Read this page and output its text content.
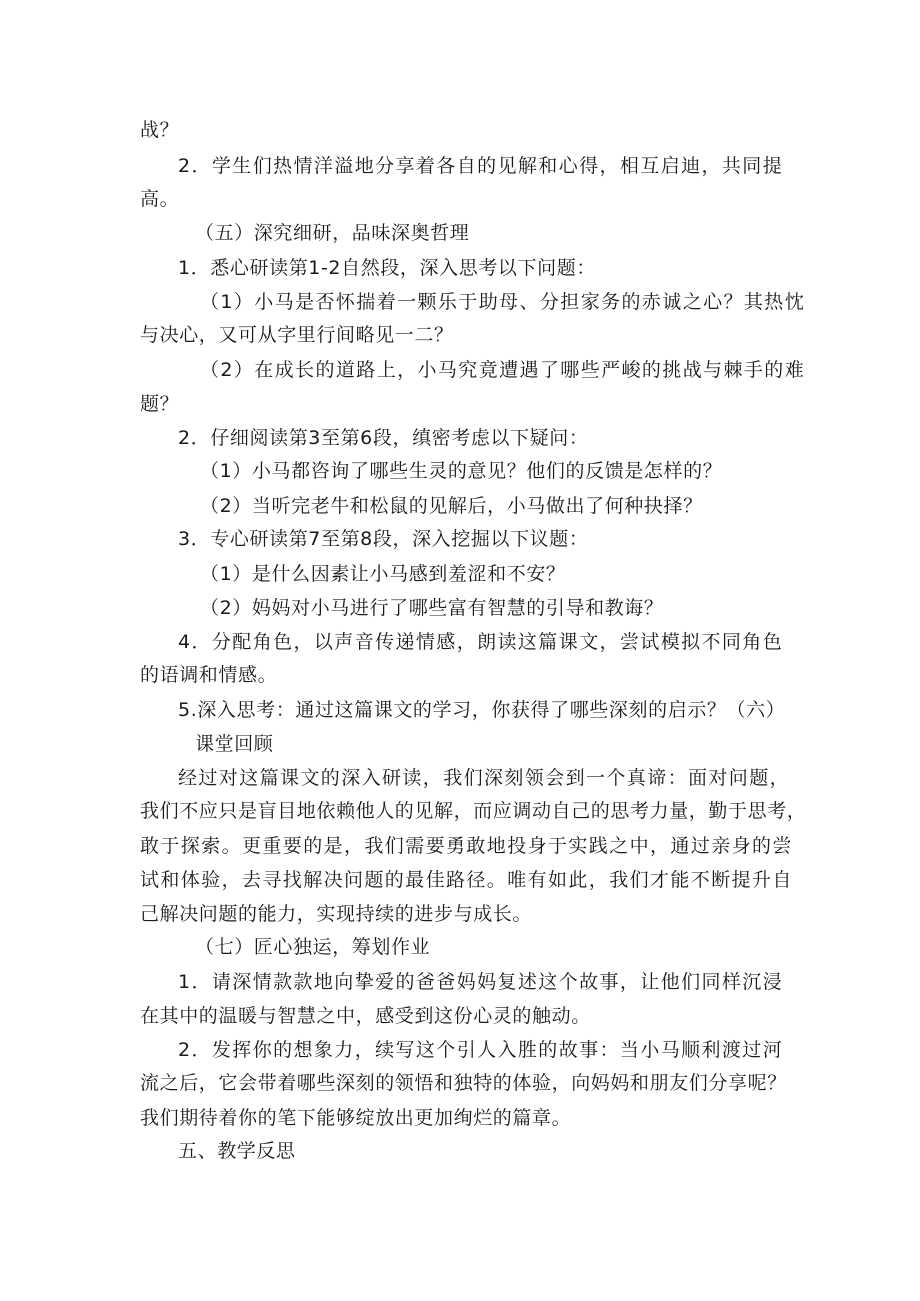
战？
2．学生们热情洋溢地分享着各自的见解和心得，相互启迪，共同提
高。
（五）深究细研，品味深奥哲理
1．悉心研读第1-2自然段，深入思考以下问题：
（1）小马是否怀揣着一颗乐于助母、分担家务的赤诚之心？其热忱
与决心，又可从字里行间略见一二？
（2）在成长的道路上，小马究竟遭遇了哪些严峻的挑战与棘手的难
题？
2．仔细阅读第3至第6段，缜密考虑以下疑问：
（1）小马都咨询了哪些生灵的意见？他们的反馈是怎样的？
（2）当听完老牛和松鼠的见解后，小马做出了何种抉择？
3．专心研读第7至第8段，深入挖掘以下议题：
（1）是什么因素让小马感到羞涩和不安？
（2）妈妈对小马进行了哪些富有智慧的引导和教诲？
4．分配角色，以声音传递情感，朗读这篇课文，尝试模拟不同角色
的语调和情感。
5.深入思考：通过这篇课文的学习，你获得了哪些深刻的启示？（六）
课堂回顾
经过对这篇课文的深入研读，我们深刻领会到一个真谛：面对问题，
我们不应只是盲目地依赖他人的见解，而应调动自己的思考力量，勤于思考，
敢于探索。更重要的是，我们需要勇敢地投身于实践之中，通过亲身的尝
试和体验，去寻找解决问题的最佳路径。唯有如此，我们才能不断提升自
己解决问题的能力，实现持续的进步与成长。
（七）匠心独运，筹划作业
1．请深情款款地向挚爱的爸爸妈妈复述这个故事，让他们同样沉浸
在其中的温暖与智慧之中，感受到这份心灵的触动。
2．发挥你的想象力，续写这个引人入胜的故事：当小马顺利渡过河
流之后，它会带着哪些深刻的领悟和独特的体验，向妈妈和朋友们分享呢？
我们期待着你的笔下能够绽放出更加绚烂的篇章。
五、教学反思
